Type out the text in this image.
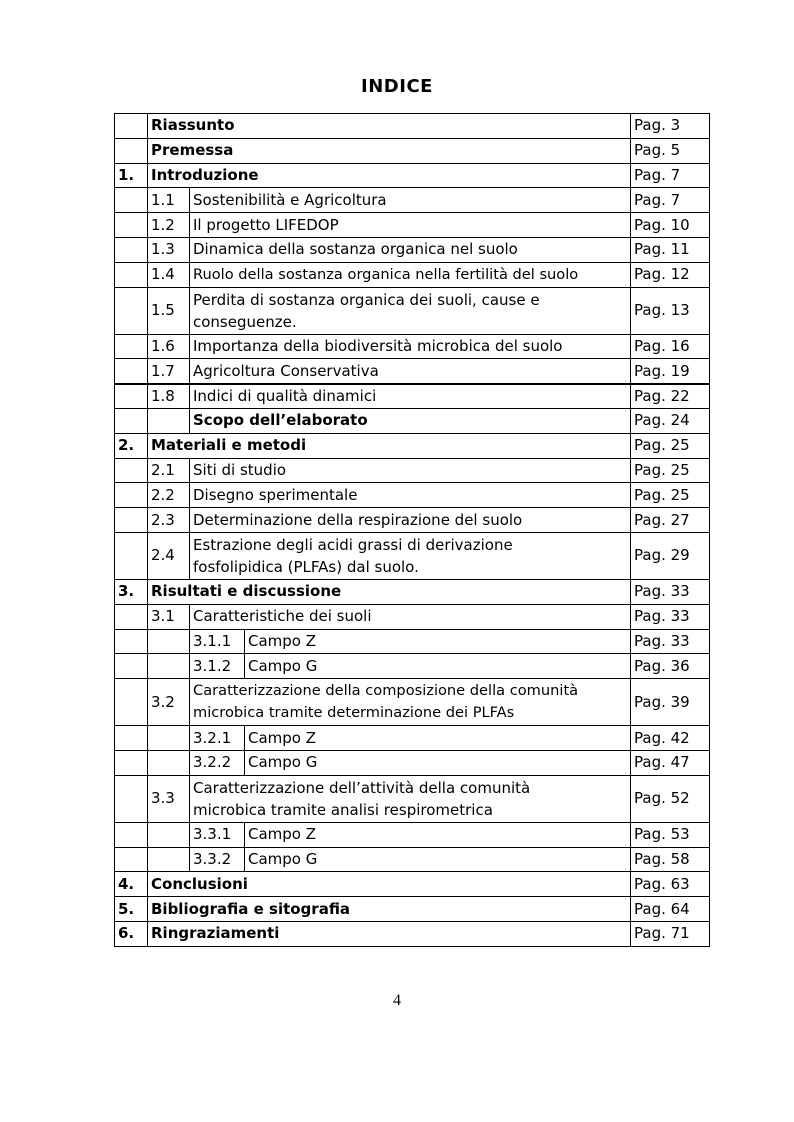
INDICE
	Riassunto			Pag. 3
	Premessa			Pag. 5
1.	Introduzione			Pag. 7
	1.1	Sostenibilità e Agricoltura		Pag. 7
	1.2	Il progetto LIFEDOP		Pag. 10
	1.3	Dinamica della sostanza organica nel suolo		Pag. 11
	1.4	Ruolo della sostanza organica nella fertilità del suolo		Pag. 12
	1.5	Perdita di sostanza organica dei suoli, cause e conseguenze.		Pag. 13
	1.6	Importanza della biodiversità microbica del suolo		Pag. 16
	1.7	Agricoltura Conservativa		Pag. 19
	1.8	Indici di qualità dinamici		Pag. 22
		Scopo dell’elaborato		Pag. 24
2.	Materiali e metodi			Pag. 25
	2.1	Siti di studio		Pag. 25
	2.2	Disegno sperimentale		Pag. 25
	2.3	Determinazione della respirazione del suolo		Pag. 27
	2.4	Estrazione degli acidi grassi di derivazione fosfolipidica (PLFAs) dal suolo.		Pag. 29
3.	Risultati e discussione			Pag. 33
	3.1	Caratteristiche dei suoli		Pag. 33
		3.1.1	Campo Z	Pag. 33
		3.1.2	Campo G	Pag. 36
	3.2	Caratterizzazione della composizione della comunità microbica tramite determinazione dei PLFAs		Pag. 39
		3.2.1	Campo Z	Pag. 42
		3.2.2	Campo G	Pag. 47
	3.3	Caratterizzazione dell’attività della comunità microbica tramite analisi respirometrica		Pag. 52
		3.3.1	Campo Z	Pag. 53
		3.3.2	Campo G	Pag. 58
4.	Conclusioni			Pag. 63
5.	Bibliografia e sitografia			Pag. 64
6.	Ringraziamenti			Pag. 71
4
